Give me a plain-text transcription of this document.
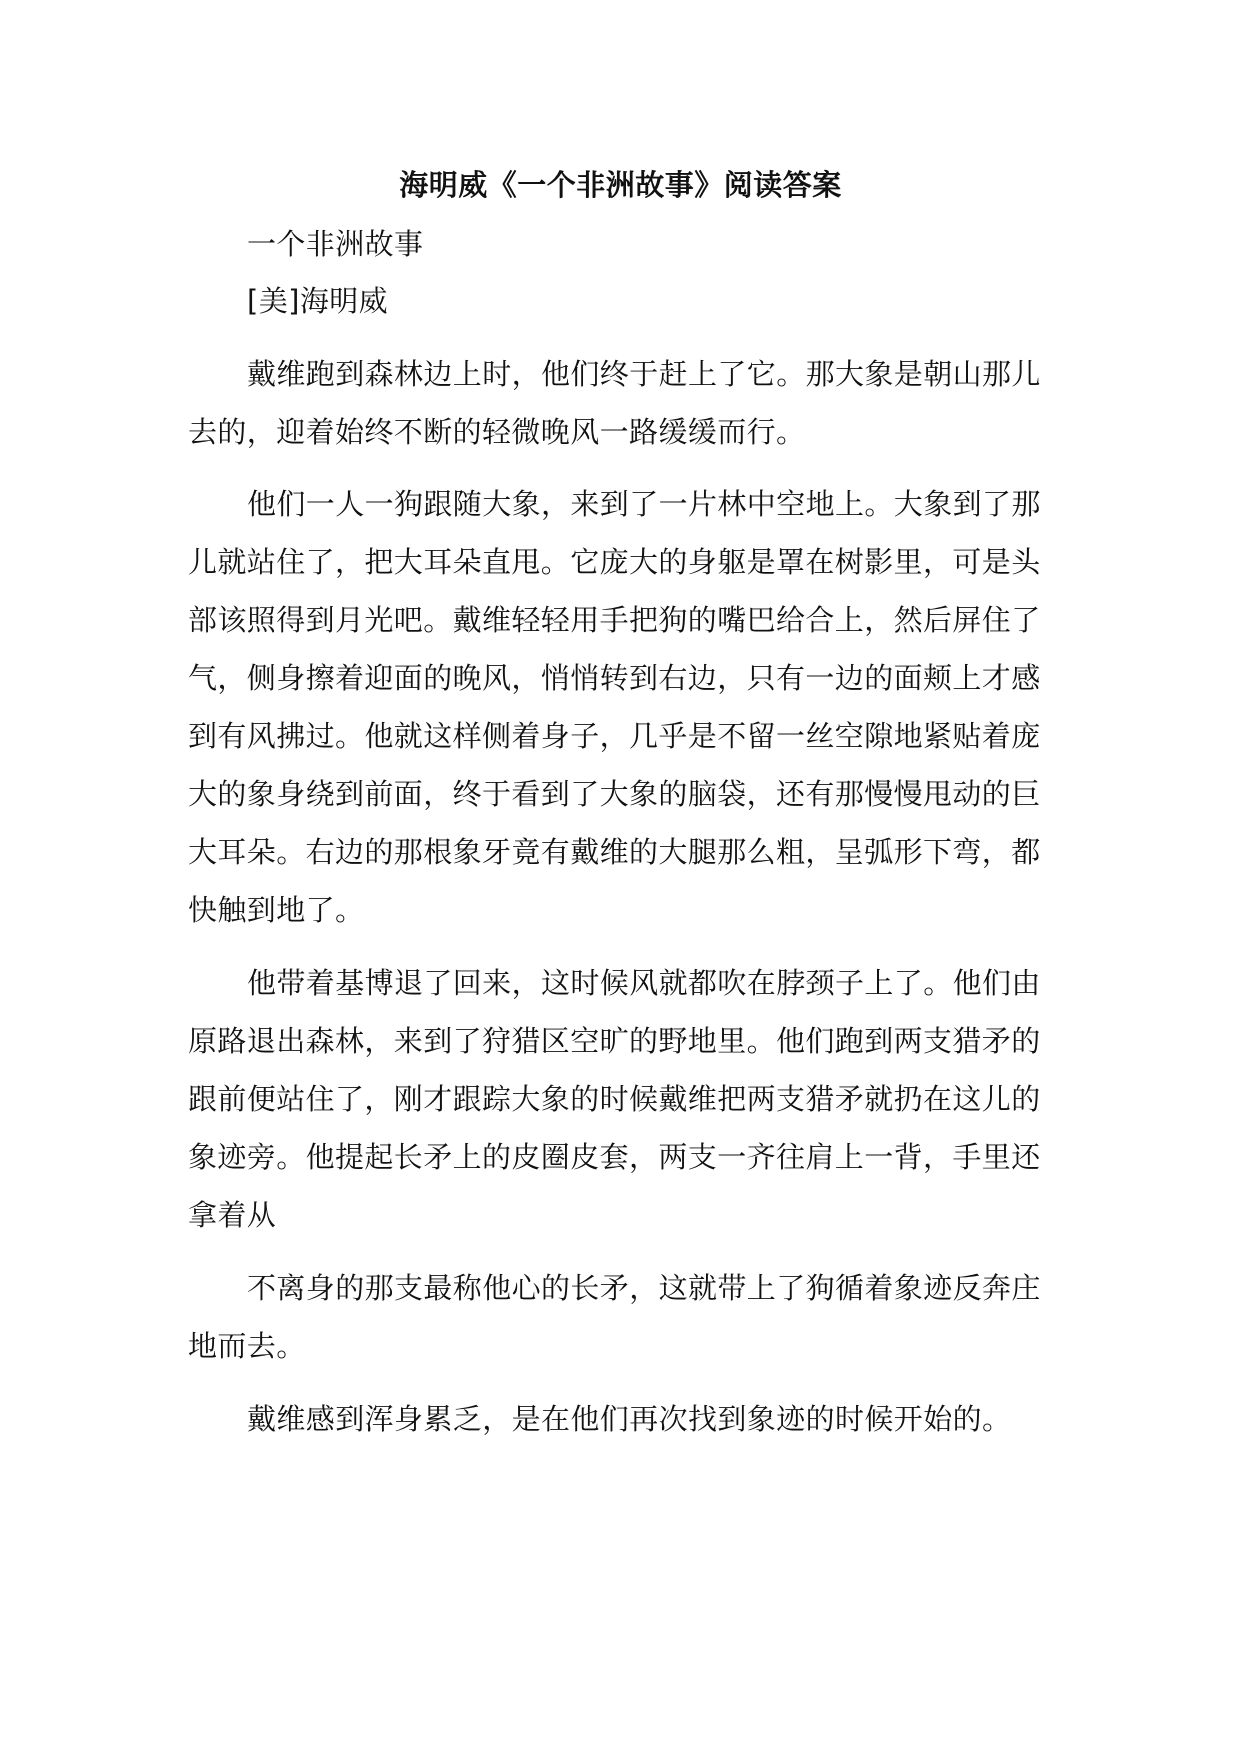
海明威《一个非洲故事》阅读答案

一个非洲故事

[美]海明威

戴维跑到森林边上时，他们终于赶上了它。那大象是朝山那儿

去的，迎着始终不断的轻微晚风一路缓缓而行。

他们一人一狗跟随大象，来到了一片林中空地上。大象到了那

儿就站住了，把大耳朵直甩。它庞大的身躯是罩在树影里，可是头

部该照得到月光吧。戴维轻轻用手把狗的嘴巴给合上，然后屏住了

气，侧身擦着迎面的晚风，悄悄转到右边，只有一边的面颊上才感

到有风拂过。他就这样侧着身子，几乎是不留一丝空隙地紧贴着庞

大的象身绕到前面，终于看到了大象的脑袋，还有那慢慢甩动的巨

大耳朵。右边的那根象牙竟有戴维的大腿那么粗，呈弧形下弯，都

快触到地了。

他带着基博退了回来，这时候风就都吹在脖颈子上了。他们由

原路退出森林，来到了狩猎区空旷的野地里。他们跑到两支猎矛的

跟前便站住了，刚才跟踪大象的时候戴维把两支猎矛就扔在这儿的

象迹旁。他提起长矛上的皮圈皮套，两支一齐往肩上一背，手里还

拿着从

不离身的那支最称他心的长矛，这就带上了狗循着象迹反奔庄

地而去。

戴维感到浑身累乏，是在他们再次找到象迹的时候开始的。
